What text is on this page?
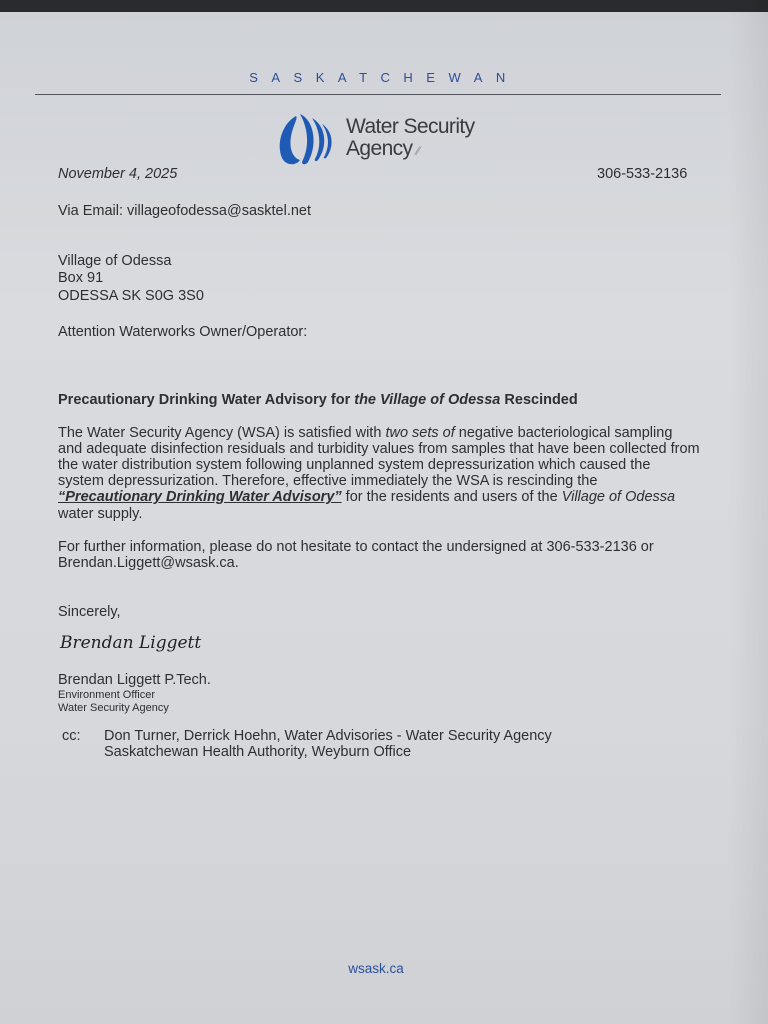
SASKATCHEWAN
Water Security
Agency ⁄⁄
November 4, 2025	306-533-2136
Via Email: villageofodessa@sasktel.net
Village of Odessa
Box 91
ODESSA SK S0G 3S0
Attention Waterworks Owner/Operator:
Precautionary Drinking Water Advisory for the Village of Odessa Rescinded
The Water Security Agency (WSA) is satisfied with two sets of negative bacteriological sampling
and adequate disinfection residuals and turbidity values from samples that have been collected from
the water distribution system following unplanned system depressurization which caused the
system depressurization. Therefore, effective immediately the WSA is rescinding the
“Precautionary Drinking Water Advisory” for the residents and users of the Village of Odessa
water supply.
For further information, please do not hesitate to contact the undersigned at 306-533-2136 or
Brendan.Liggett@wsask.ca.
Sincerely,
Brendan Liggett
Brendan Liggett P.Tech.
Environment Officer
Water Security Agency
cc: Don Turner, Derrick Hoehn, Water Advisories - Water Security Agency
Saskatchewan Health Authority, Weyburn Office
wsask.ca
